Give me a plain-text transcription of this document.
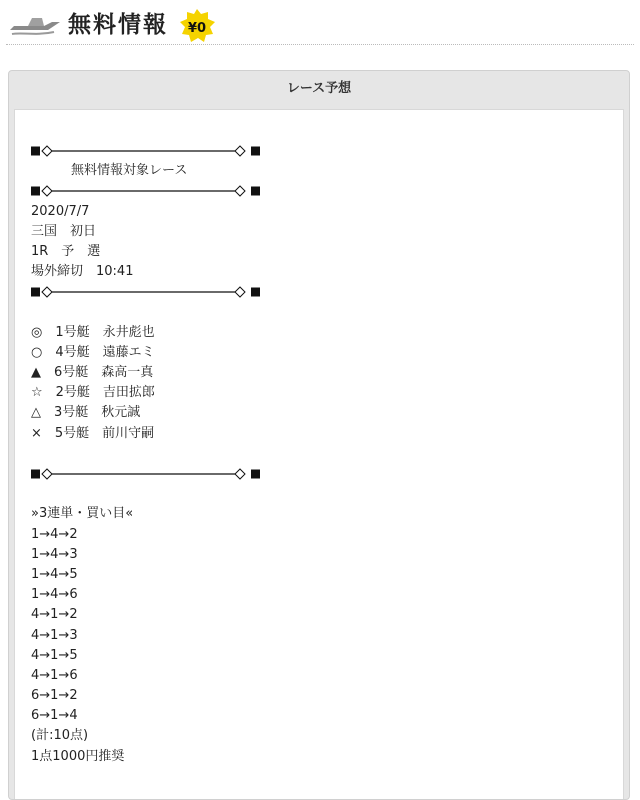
無料情報 ¥0
レース予想
無料情報対象レース
2020/7/7
三国　初日
1R　予　選
場外締切　10:41
◎　1号艇　永井彪也
○　4号艇　遠藤エミ
▲　6号艇　森高一真
☆　2号艇　吉田拡郎
△　3号艇　秋元誠
×　5号艇　前川守嗣
»3連単・買い目«
1→4→2
1→4→3
1→4→5
1→4→6
4→1→2
4→1→3
4→1→5
4→1→6
6→1→2
6→1→4
(計:10点)
1点1000円推奨
